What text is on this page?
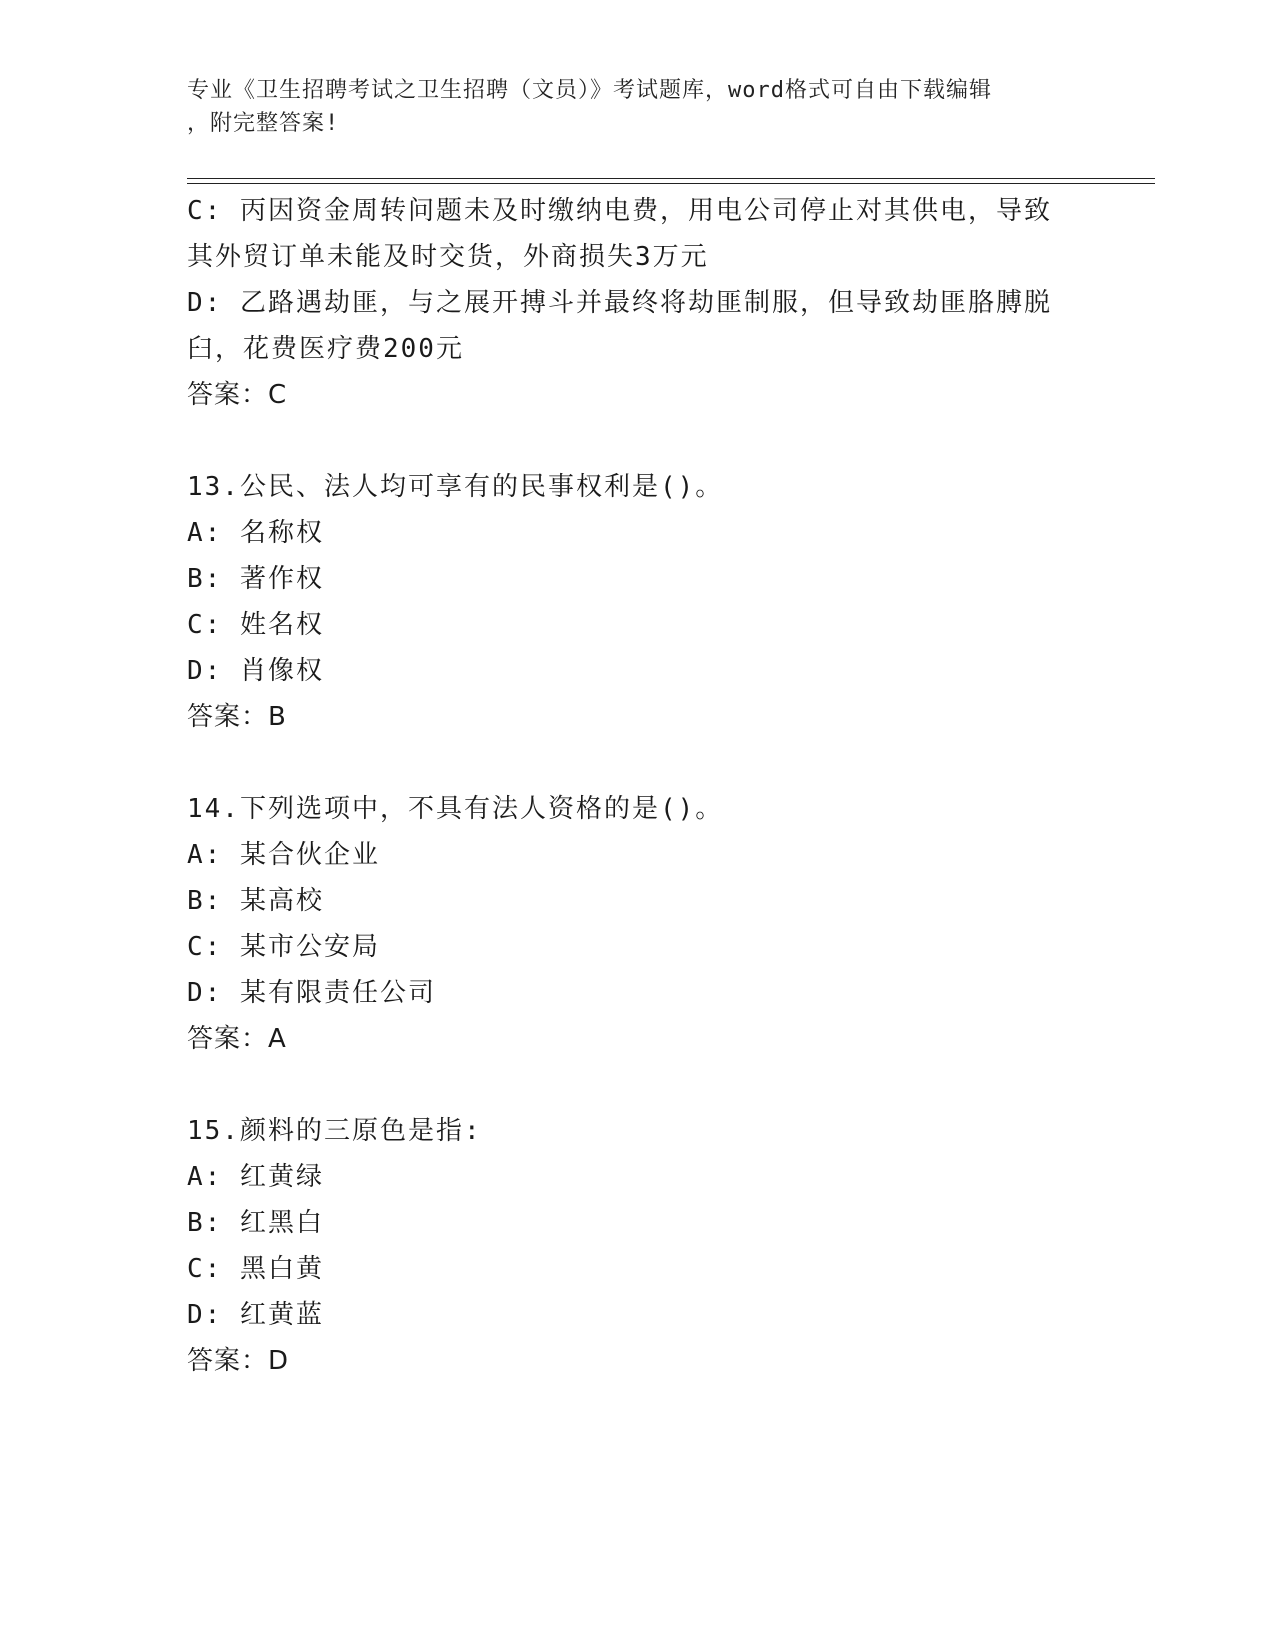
专业《卫生招聘考试之卫生招聘（文员）》考试题库，word格式可自由下载编辑
，附完整答案!
C: 丙因资金周转问题未及时缴纳电费，用电公司停止对其供电，导致
其外贸订单未能及时交货，外商损失3万元
D: 乙路遇劫匪，与之展开搏斗并最终将劫匪制服，但导致劫匪胳膊脱
臼，花费医疗费200元
答案：C
13.公民、法人均可享有的民事权利是()。
A: 名称权
B: 著作权
C: 姓名权
D: 肖像权
答案：B
14.下列选项中，不具有法人资格的是()。
A: 某合伙企业
B: 某高校
C: 某市公安局
D: 某有限责任公司
答案：A
15.颜料的三原色是指:
A: 红黄绿
B: 红黑白
C: 黑白黄
D: 红黄蓝
答案：D
